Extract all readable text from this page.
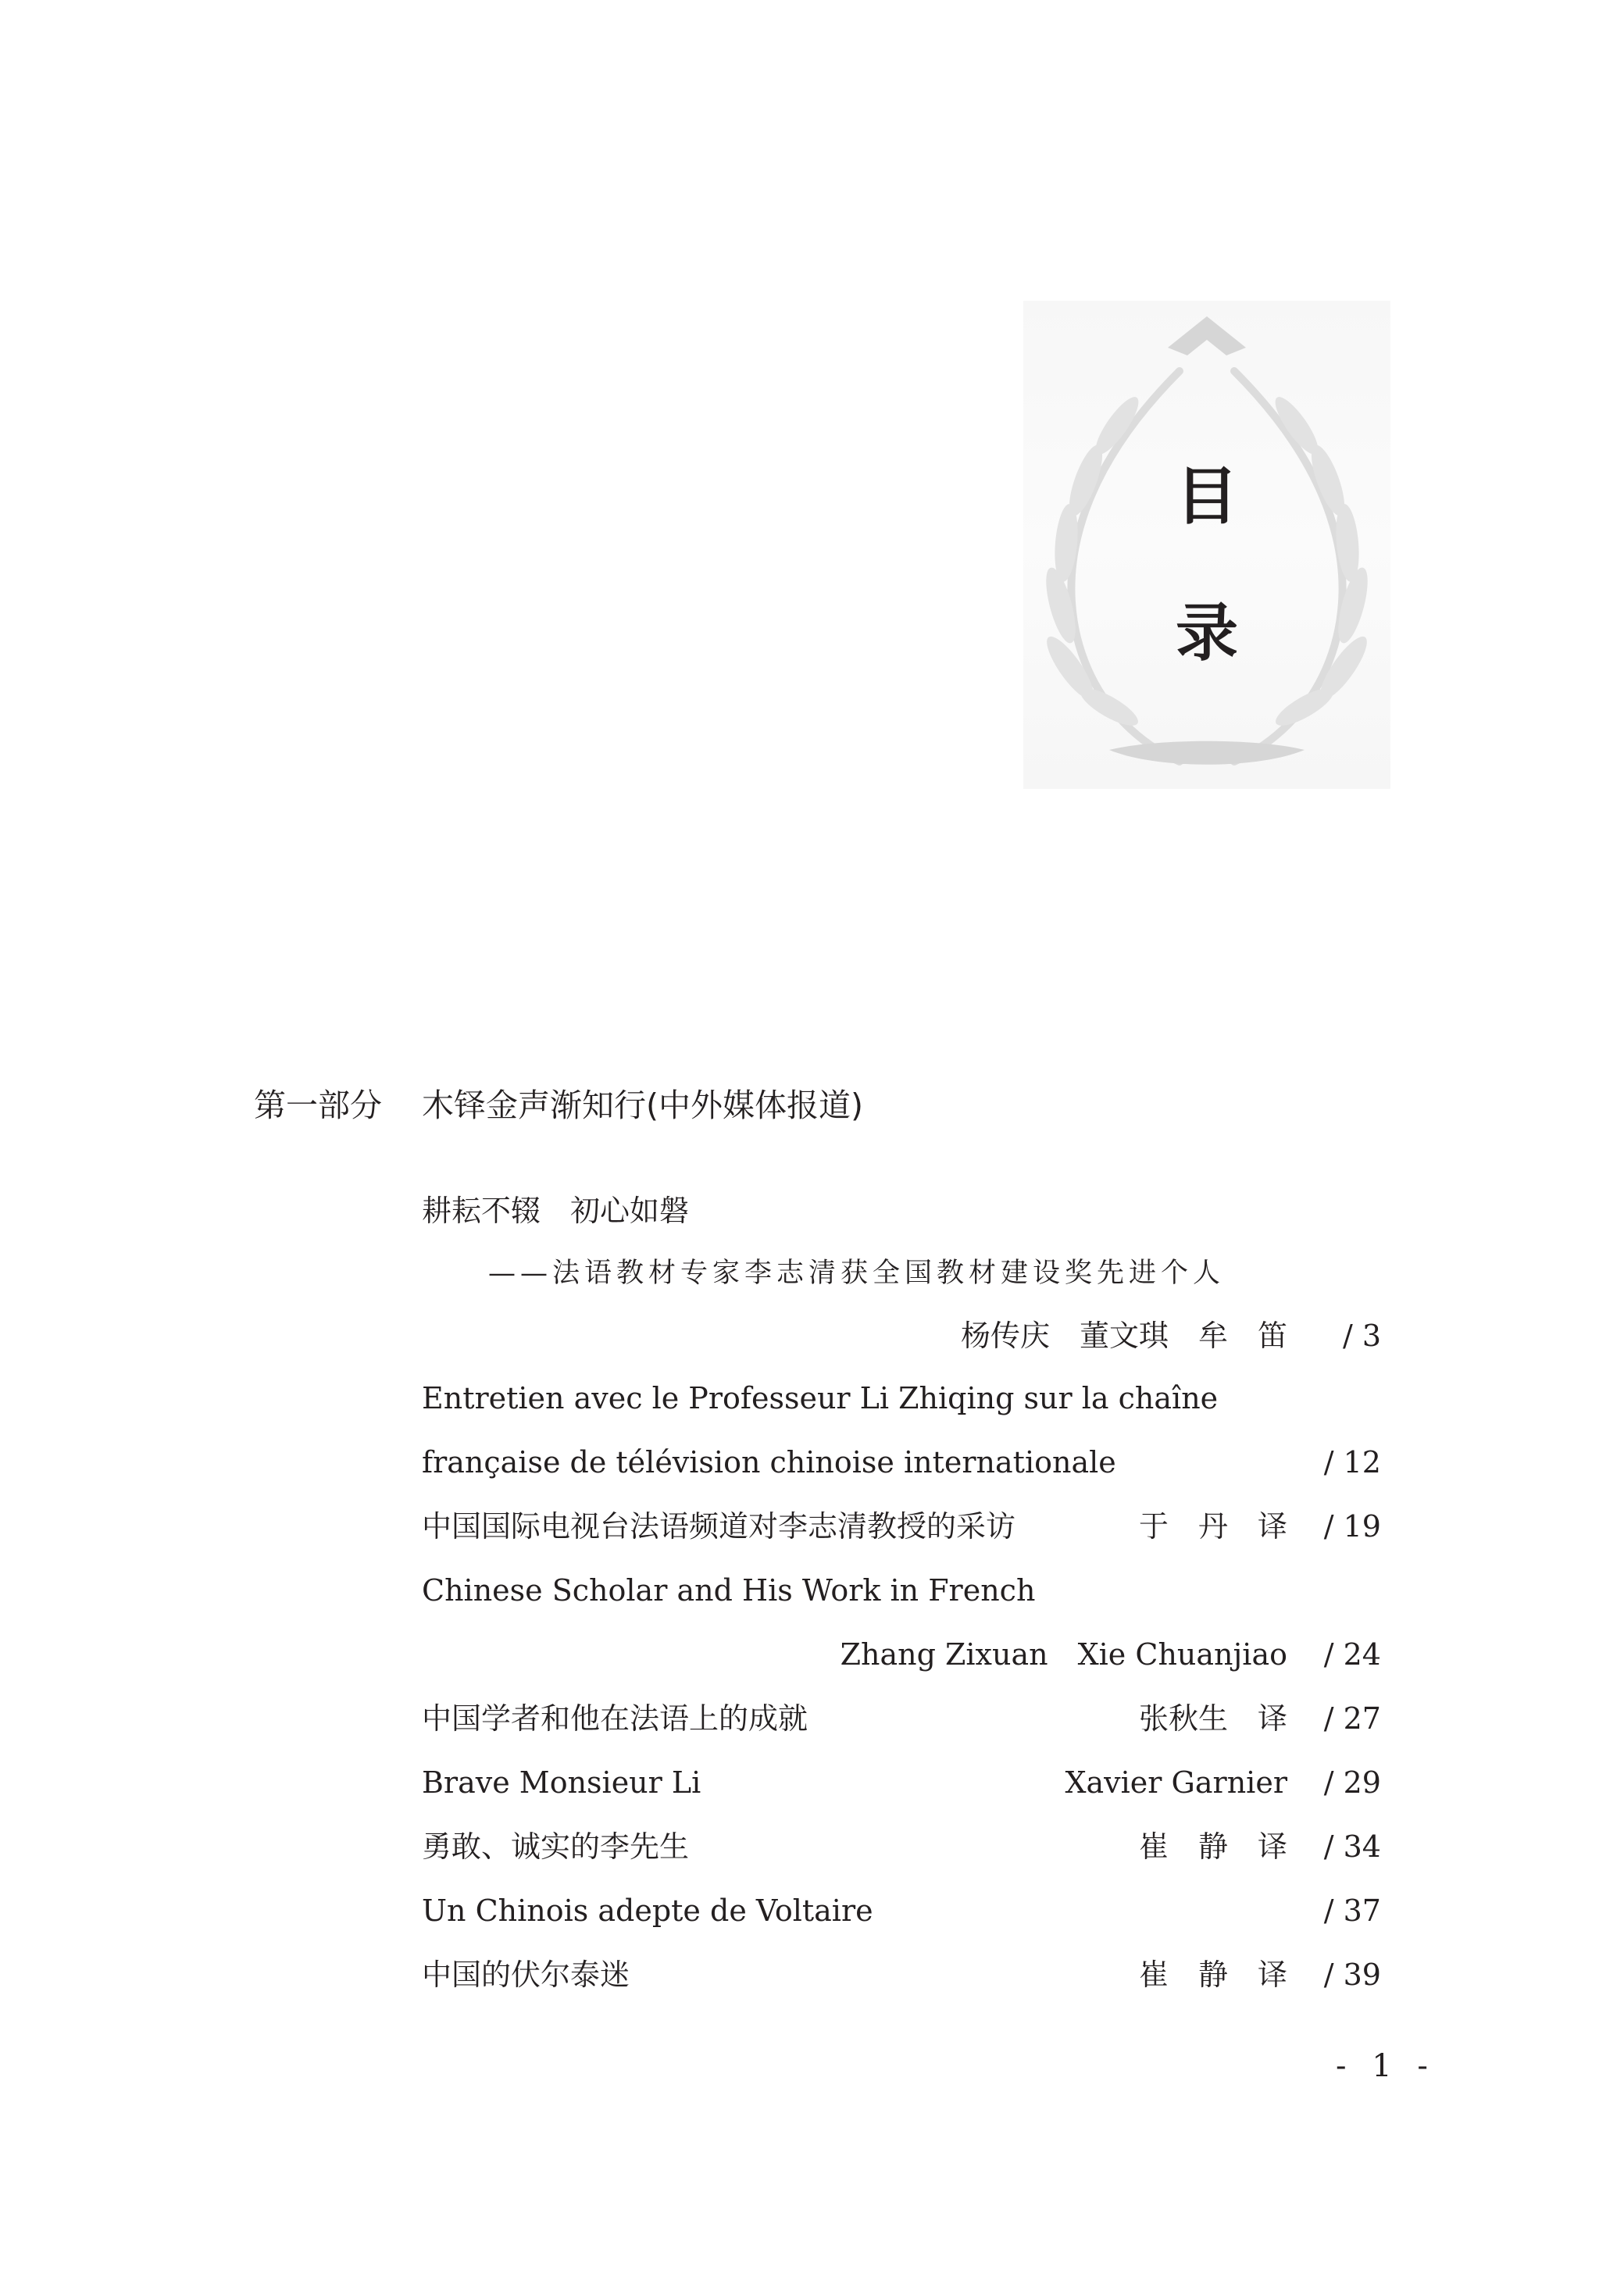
目
录
第一部分 木铎金声渐知行(中外媒体报道)
耕耘不辍　初心如磐
——法语教材专家李志清获全国教材建设奖先进个人
杨传庆　董文琪　牟　笛 / 3
Entretien avec le Professeur Li Zhiqing sur la chaîne
française de télévision chinoise internationale	/ 12
中国国际电视台法语频道对李志清教授的采访	于　丹　译 / 19
Chinese Scholar and His Work in French
Zhang Zixuan　Xie Chuanjiao / 24
中国学者和他在法语上的成就	张秋生　译 / 27
Brave Monsieur Li	Xavier Garnier / 29
勇敢、诚实的李先生	崔　静　译 / 34
Un Chinois adepte de Voltaire	/ 37
中国的伏尔泰迷	崔　静　译 / 39
- 1 -
